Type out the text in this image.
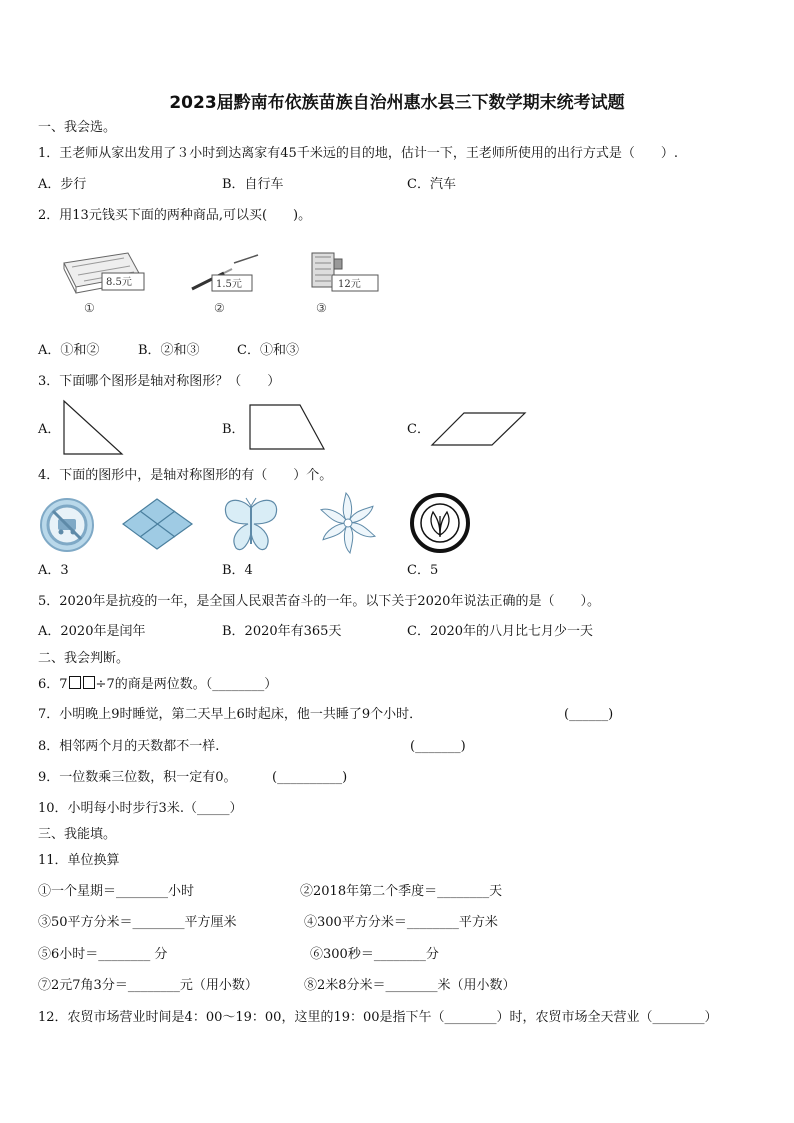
2023届黔南布依族苗族自治州惠水县三下数学期末统考试题
一、我会选。
1．王老师从家出发用了３小时到达离家有45千米远的目的地，估计一下，王老师所使用的出行方式是（　　）.
A．步行	B．自行车	C．汽车
2．用13元钱买下面的两种商品,可以买(　　)。
8.5元
①
1.5元
②
12元
③
A．①和②	B．②和③	C．①和③
3．下面哪个图形是轴对称图形？（　　）
A．	B．	C．
4．下面的图形中，是轴对称图形的有（　　）个。
A．3	B．4	C．5
5．2020年是抗疫的一年，是全国人民艰苦奋斗的一年。以下关于2020年说法正确的是（　　）。
A．2020年是闰年	B．2020年有365天	C．2020年的八月比七月少一天
二、我会判断。
6．7 ÷7的商是两位数。（________）
7．小明晚上9时睡觉，第二天早上6时起床，他一共睡了9个小时．	(______)
8．相邻两个月的天数都不一样.	(_______)
9．一位数乘三位数，积一定有0。	(__________)
10．小明每小时步行3米.（_____）
三、我能填。
11．单位换算
①一个星期＝________小时	②2018年第二个季度＝________天
③50平方分米＝________平方厘米	④300平方分米＝________平方米
⑤6小时＝________ 分	⑥300秒＝________分
⑦2元7角3分＝________元（用小数）	⑧2米8分米＝________米（用小数）
12．农贸市场营业时间是4：00～19：00，这里的19：00是指下午（________）时，农贸市场全天营业（________）
